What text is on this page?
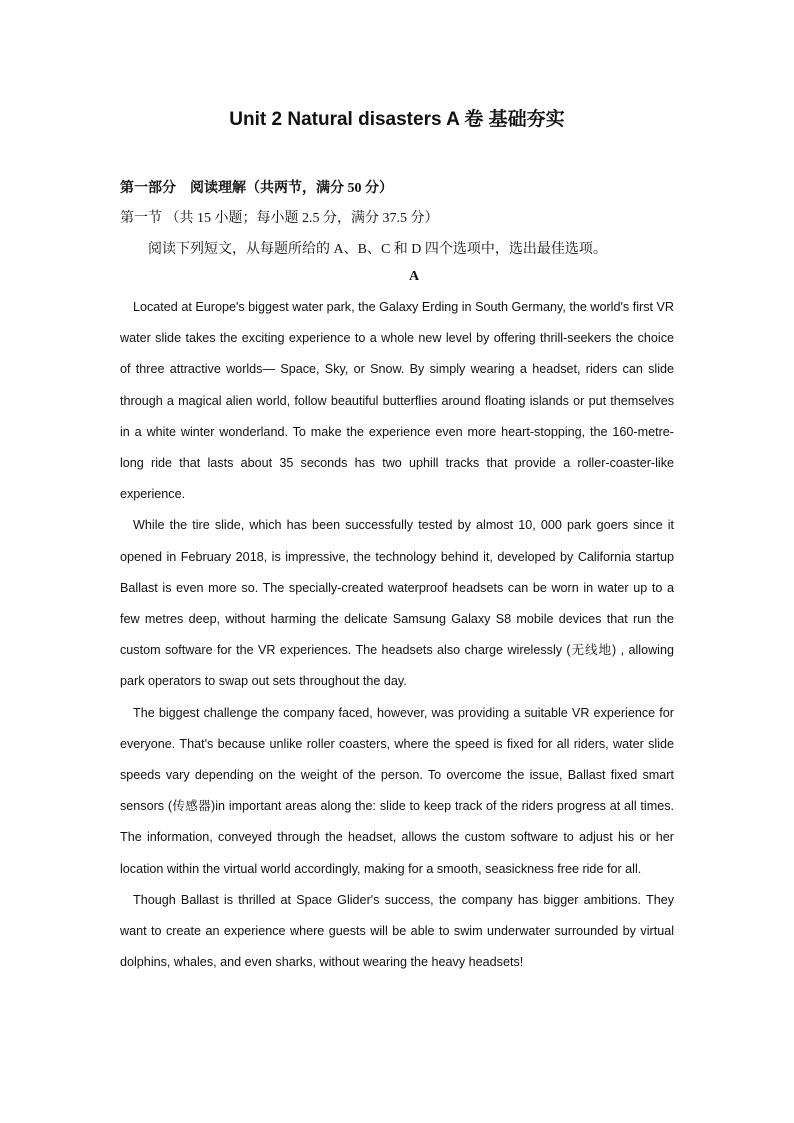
Unit 2 Natural disasters A 卷 基础夯实
第一部分　阅读理解（共两节，满分 50 分）
第一节 （共 15 小题；每小题 2.5 分，满分 37.5 分）
阅读下列短文，从每题所给的 A、B、C 和 D 四个选项中，选出最佳选项。
A

Located at Europe's biggest water park, the Galaxy Erding in South Germany, the world's first VR water slide takes the exciting experience to a whole new level by offering thrill-seekers the choice of three attractive worlds— Space, Sky, or Snow. By simply wearing a headset, riders can slide through a magical alien world, follow beautiful butterflies around floating islands or put themselves in a white winter wonderland. To make the experience even more heart-stopping, the 160-metre-long ride that lasts about 35 seconds has two uphill tracks that provide a roller-coaster-like experience.

While the tire slide, which has been successfully tested by almost 10, 000 park goers since it opened in February 2018, is impressive, the technology behind it, developed by California startup Ballast is even more so. The specially-created waterproof headsets can be worn in water up to a few metres deep, without harming the delicate Samsung Galaxy S8 mobile devices that run the custom software for the VR experiences. The headsets also charge wirelessly (无线地) , allowing park operators to swap out sets throughout the day.

The biggest challenge the company faced, however, was providing a suitable VR experience for everyone. That's because unlike roller coasters, where the speed is fixed for all riders, water slide speeds vary depending on the weight of the person. To overcome the issue, Ballast fixed smart sensors (传感器)in important areas along the: slide to keep track of the riders progress at all times. The information, conveyed through the headset, allows the custom software to adjust his or her location within the virtual world accordingly, making for a smooth, seasickness free ride for all.

Though Ballast is thrilled at Space Glider's success, the company has bigger ambitions. They want to create an experience where guests will be able to swim underwater surrounded by virtual dolphins, whales, and even sharks, without wearing the heavy headsets!
